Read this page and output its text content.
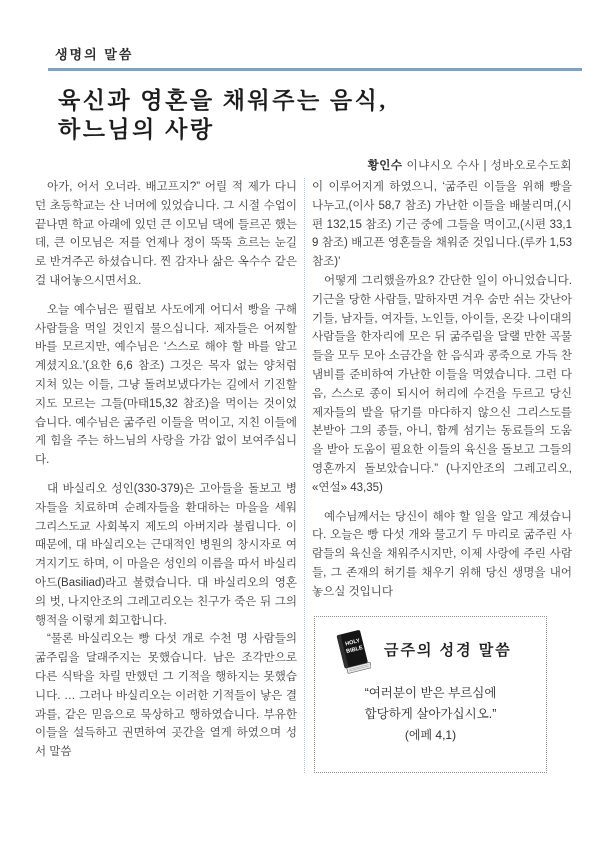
생명의 말씀
육신과 영혼을 채워주는 음식,
하느님의 사랑
황인수 이냐시오 수사 | 성바오로수도회

아가, 어서 오너라. 배고프지?” 어릴 적 제가 다니던 초등학교는 산 너머에 있었습니다. 그 시절 수업이 끝나면 학교 아래에 있던 큰 이모님 댁에 들르곤 했는데, 큰 이모님은 저를 언제나 정이 뚝뚝 흐르는 눈길로 반겨주곤 하셨습니다. 찐 감자나 삶은 옥수수 같은 걸 내어놓으시면서요.

오늘 예수님은 필립보 사도에게 어디서 빵을 구해 사람들을 먹일 것인지 물으십니다. 제자들은 어찌할 바를 모르지만, 예수님은 ‘스스로 해야 할 바를 알고 계셨지요.’(요한 6,6 참조) 그것은 목자 없는 양처럼 지쳐 있는 이들, 그냥 돌려보냈다가는 길에서 기진할지도 모르는 그들(마태15,32 참조)을 먹이는 것이었습니다. 예수님은 굶주린 이들을 먹이고, 지친 이들에게 힘을 주는 하느님의 사랑을 가감 없이 보여주십니다.

대 바실리오 성인(330-379)은 고아들을 돌보고 병자들을 치료하며 순례자들을 환대하는 마을을 세워 그리스도교 사회복지 제도의 아버지라 불립니다. 이 때문에, 대 바실리오는 근대적인 병원의 창시자로 여겨지기도 하며, 이 마을은 성인의 이름을 따서 바실리아드(Basiliad)라고 불렸습니다. 대 바실리오의 영혼의 벗, 나지안조의 그레고리오는 친구가 죽은 뒤 그의 행적을 이렇게 회고합니다.

“물론 바실리오는 빵 다섯 개로 수천 명 사람들의 굶주림을 달래주지는 못했습니다. 남은 조각만으로 다른 식탁을 차릴 만했던 그 기적을 행하지는 못했습니다. … 그러나 바실리오는 이러한 기적들이 낳은 결과를, 같은 믿음으로 묵상하고 행하였습니다. 부유한 이들을 설득하고 권면하여 곳간을 열게 하였으며 성서 말씀

이 이루어지게 하였으니, ‘굶주린 이들을 위해 빵을 나누고,(이사 58,7 참조) 가난한 이들을 배불리며,(시편 132,15 참조) 기근 중에 그들을 먹이고,(시편 33,19 참조) 배고픈 영혼들을 채워준 것입니다.(루카 1,53 참조)’

어떻게 그리했을까요? 간단한 일이 아니었습니다. 기근을 당한 사람들, 말하자면 겨우 숨만 쉬는 갓난아기들, 남자들, 여자들, 노인들, 아이들, 온갖 나이대의 사람들을 한자리에 모은 뒤 굶주림을 달랠 만한 곡물들을 모두 모아 소금간을 한 음식과 콩죽으로 가득 찬 냄비를 준비하여 가난한 이들을 먹였습니다. 그런 다음, 스스로 종이 되시어 허리에 수건을 두르고 당신 제자들의 발을 닦기를 마다하지 않으신 그리스도를 본받아 그의 종들, 아니, 함께 섬기는 동료들의 도움을 받아 도움이 필요한 이들의 육신을 돌보고 그들의 영혼까지 돌보았습니다.” (나지안조의 그레고리오, «연설» 43,35)

예수님께서는 당신이 해야 할 일을 알고 계셨습니다. 오늘은 빵 다섯 개와 물고기 두 마리로 굶주린 사람들의 육신을 채워주시지만, 이제 사랑에 주린 사람들, 그 존재의 허기를 채우기 위해 당신 생명을 내어놓으실 것입니다

HOLY
BIBLE 금주의 성경 말씀

“여러분이 받은 부르심에

합당하게 살아가십시오.”

(에페 4,1)
